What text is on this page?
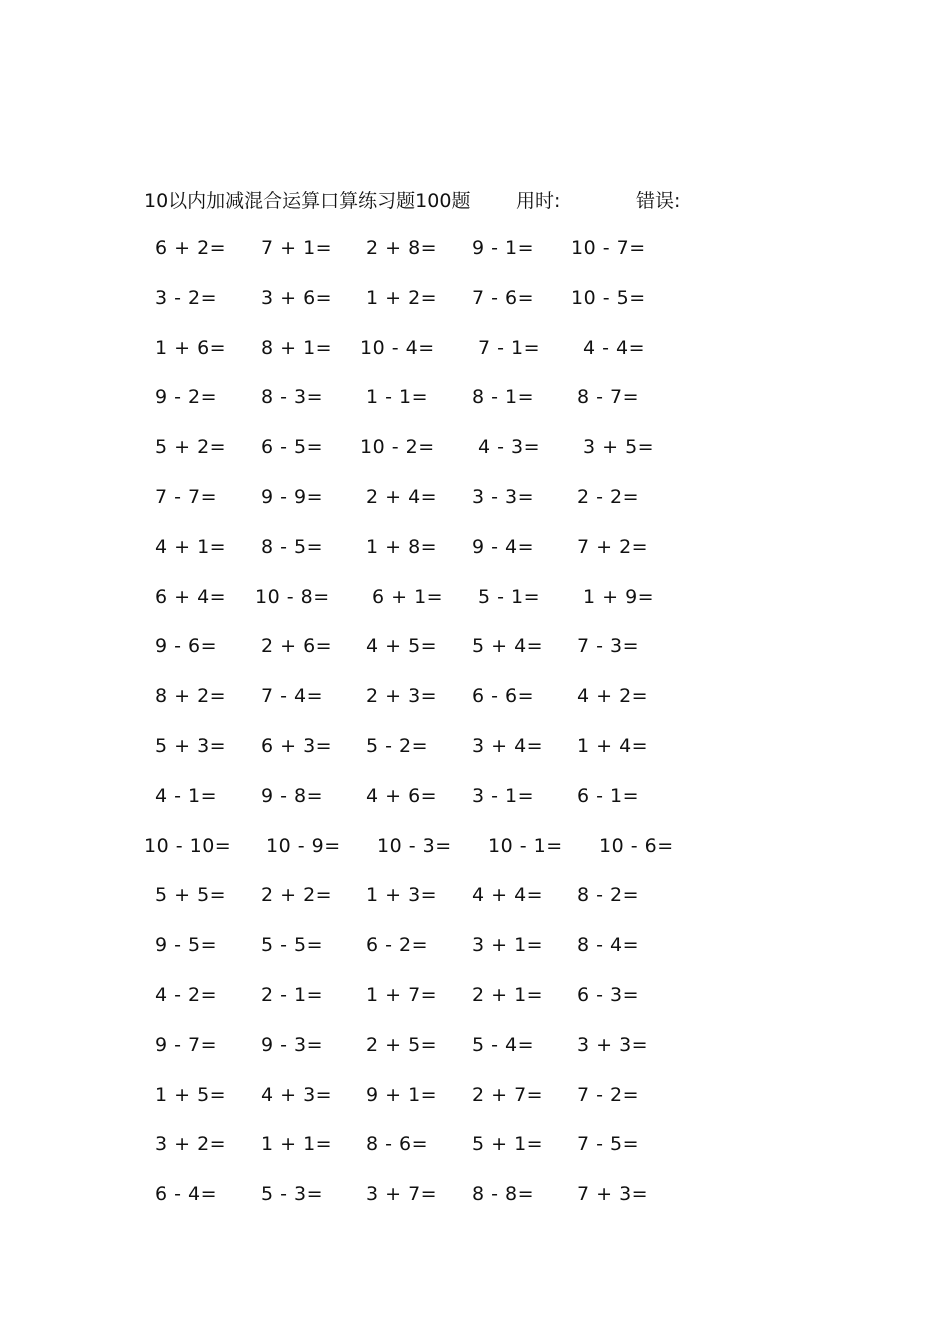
10以内加减混合运算口算练习题100题 用时:	错误:
6 + 2= 7 + 1= 2 + 8= 9 - 1= 10 - 7=
3 - 2= 3 + 6= 1 + 2= 7 - 6= 10 - 5=
1 + 6= 8 + 1= 10 - 4= 7 - 1= 4 - 4=
9 - 2= 8 - 3= 1 - 1= 8 - 1= 8 - 7=
5 + 2= 6 - 5= 10 - 2= 4 - 3= 3 + 5=
7 - 7= 9 - 9= 2 + 4= 3 - 3= 2 - 2=
4 + 1= 8 - 5= 1 + 8= 9 - 4= 7 + 2=
6 + 4= 10 - 8= 6 + 1= 5 - 1= 1 + 9=
9 - 6= 2 + 6= 4 + 5= 5 + 4= 7 - 3=
8 + 2= 7 - 4= 2 + 3= 6 - 6= 4 + 2=
5 + 3= 6 + 3= 5 - 2= 3 + 4= 1 + 4=
4 - 1= 9 - 8= 4 + 6= 3 - 1= 6 - 1=
10 - 10= 10 - 9= 10 - 3= 10 - 1= 10 - 6=
5 + 5= 2 + 2= 1 + 3= 4 + 4= 8 - 2=
9 - 5= 5 - 5= 6 - 2= 3 + 1= 8 - 4=
4 - 2= 2 - 1= 1 + 7= 2 + 1= 6 - 3=
9 - 7= 9 - 3= 2 + 5= 5 - 4= 3 + 3=
1 + 5= 4 + 3= 9 + 1= 2 + 7= 7 - 2=
3 + 2= 1 + 1= 8 - 6= 5 + 1= 7 - 5=
6 - 4= 5 - 3= 3 + 7= 8 - 8= 7 + 3=
